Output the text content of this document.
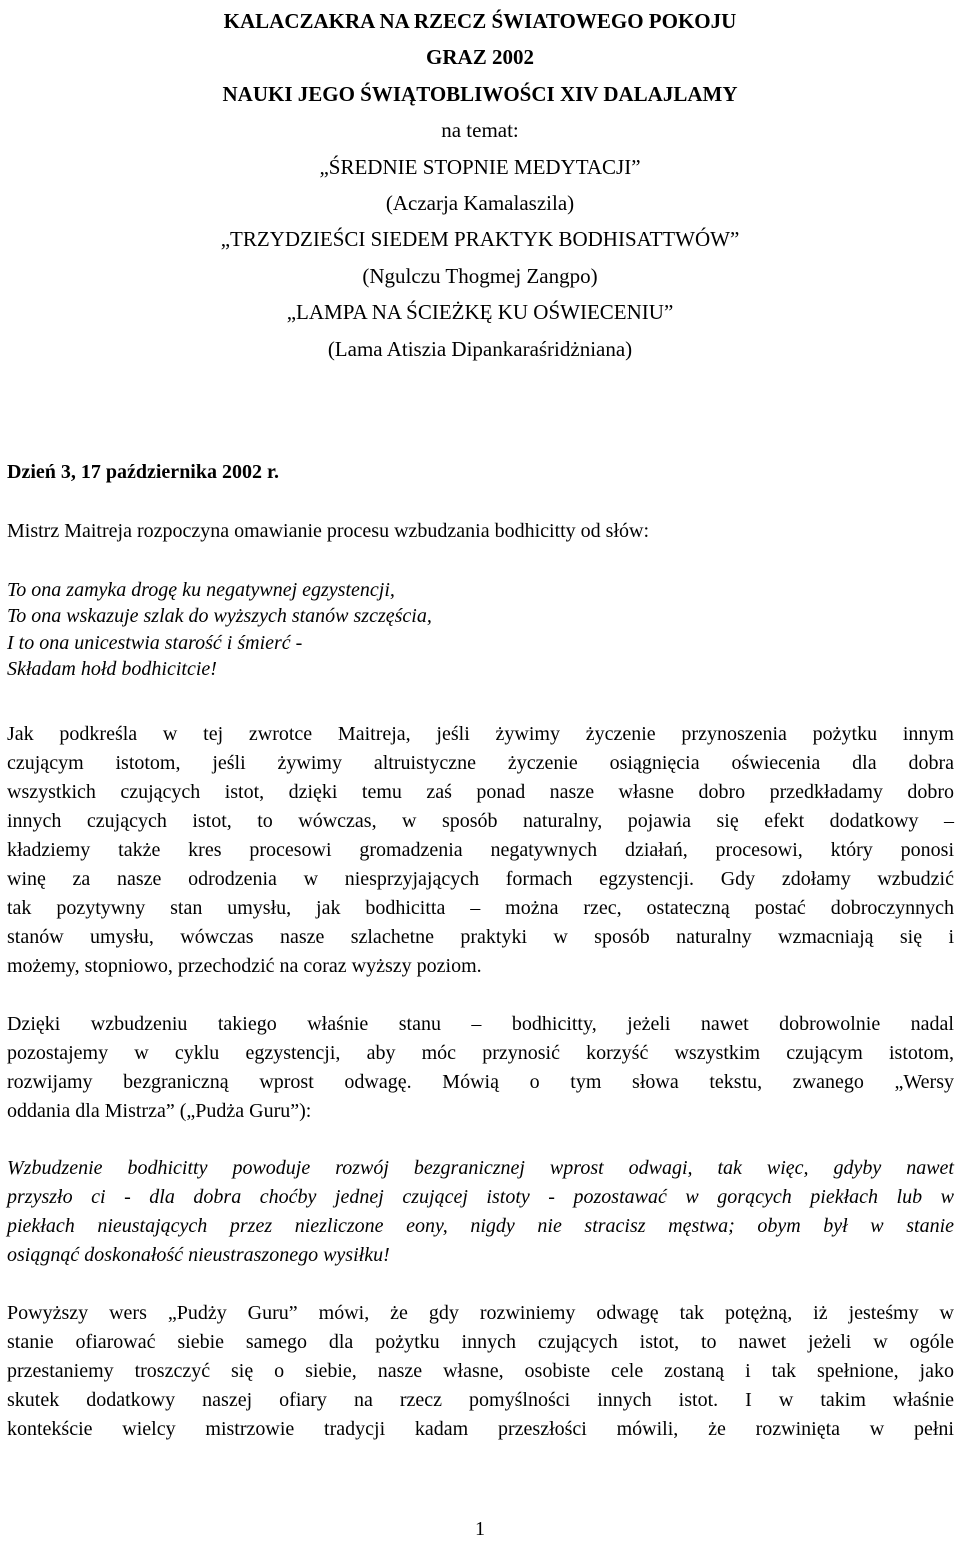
KALACZAKRA NA RZECZ ŚWIATOWEGO POKOJU
GRAZ 2002
NAUKI JEGO ŚWIĄTOBLIWOŚCI XIV DALAJLAMY
na temat:
„ŚREDNIE STOPNIE MEDYTACJI”
(Aczarja Kamalaszila)
„TRZYDZIEŚCI SIEDEM PRAKTYK BODHISATTWÓW”
(Ngulczu Thogmej Zangpo)
„LAMPA NA ŚCIEŻKĘ KU OŚWIECENIU”
(Lama Atiszia Dipankaraśridżniana)
Dzień 3, 17 października 2002 r.
Mistrz Maitreja rozpoczyna omawianie procesu wzbudzania bodhicitty od słów:
To ona zamyka drogę ku negatywnej egzystencji,
To ona wskazuje szlak do wyższych stanów szczęścia,
I to ona unicestwia starość i śmierć -
Składam hołd bodhicitcie!
Jak podkreśla w tej zwrotce Maitreja, jeśli żywimy życzenie przynoszenia pożytku innym
czującym istotom, jeśli żywimy altruistyczne życzenie osiągnięcia oświecenia dla dobra
wszystkich czujących istot, dzięki temu zaś ponad nasze własne dobro przedkładamy dobro
innych czujących istot, to wówczas, w sposób naturalny, pojawia się efekt dodatkowy –
kładziemy także kres procesowi gromadzenia negatywnych działań, procesowi, który ponosi
winę za nasze odrodzenia w niesprzyjających formach egzystencji. Gdy zdołamy wzbudzić
tak pozytywny stan umysłu, jak bodhicitta – można rzec, ostateczną postać dobroczynnych
stanów umysłu, wówczas nasze szlachetne praktyki w sposób naturalny wzmacniają się i
możemy, stopniowo, przechodzić na coraz wyższy poziom.
Dzięki wzbudzeniu takiego właśnie stanu – bodhicitty, jeżeli nawet dobrowolnie nadal
pozostajemy w cyklu egzystencji, aby móc przynosić korzyść wszystkim czującym istotom,
rozwijamy bezgraniczną wprost odwagę. Mówią o tym słowa tekstu, zwanego „Wersy
oddania dla Mistrza” („Pudża Guru”):
Wzbudzenie bodhicitty powoduje rozwój bezgranicznej wprost odwagi, tak więc, gdyby nawet
przyszło ci - dla dobra choćby jednej czującej istoty - pozostawać w gorących piekłach lub w
piekłach nieustających przez niezliczone eony, nigdy nie stracisz męstwa; obym był w stanie
osiągnąć doskonałość nieustraszonego wysiłku!
Powyższy wers „Pudży Guru” mówi, że gdy rozwiniemy odwagę tak potężną, iż jesteśmy w
stanie ofiarować siebie samego dla pożytku innych czujących istot, to nawet jeżeli w ogóle
przestaniemy troszczyć się o siebie, nasze własne, osobiste cele zostaną i tak spełnione, jako
skutek dodatkowy naszej ofiary na rzecz pomyślności innych istot. I w takim właśnie
kontekście wielcy mistrzowie tradycji kadam przeszłości mówili, że rozwinięta w pełni
1
